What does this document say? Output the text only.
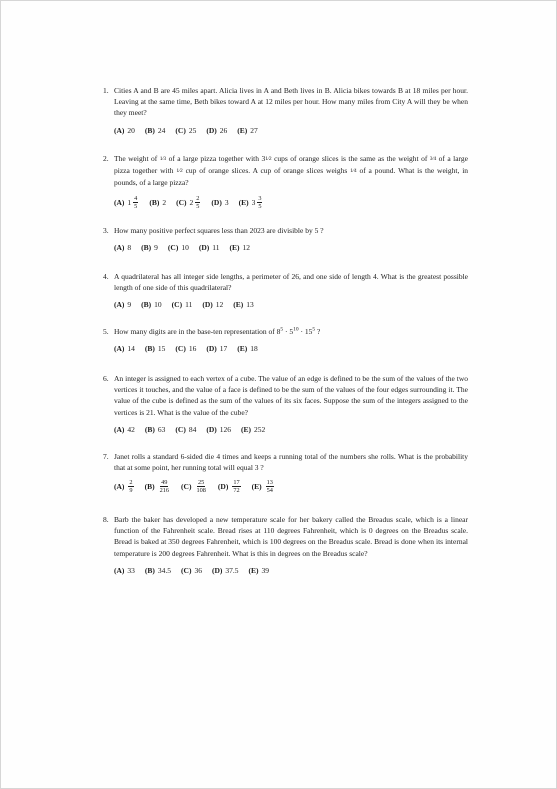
1. Cities A and B are 45 miles apart. Alicia lives in A and Beth lives in B. Alicia bikes towards B at 18 miles per hour. Leaving at the same time, Beth bikes toward A at 12 miles per hour. How many miles from City A will they be when they meet?
(A) 20 (B) 24 (C) 25 (D) 26 (E) 27
2. The weight of 1⁄3 of a large pizza together with 31⁄2 cups of orange slices is the same as the weight of 3⁄4 of a large pizza together with 1⁄2 cup of orange slices. A cup of orange slices weighs 1⁄4 of a pound. What is the weight, in pounds, of a large pizza?
(A) $1 \frac{4}{5} (B)$ 2 (C) $2 \frac{2}{5} (D)$ 3 (E) $3 \frac{3}{5}$
3. How many positive perfect squares less than 2023 are divisible by 5 ?
(A) 8 (B) 9 (C) 10 (D) 11 (E) 12
4. A quadrilateral has all integer side lengths, a perimeter of 26, and one side of length 4. What is the greatest possible length of one side of this quadrilateral?
(A) 9 (B) 10 (C) 11 (D) 12 (E) 13
5. How many digits are in the base-ten representation of $8^5 \cdot 5^{10} \cdot 15^5$ ?
(A) 14 (B) 15 (C) 16 (D) 17 (E) 18
6. An integer is assigned to each vertex of a cube. The value of an edge is defined to be the sum of the values of the two vertices it touches, and the value of a face is defined to be the sum of the values of the four edges surrounding it. The value of the cube is defined as the sum of the values of its six faces. Suppose the sum of the integers assigned to the vertices is 21. What is the value of the cube?
(A) 42 (B) 63 (C) 84 (D) 126 (E) 252
7. Janet rolls a standard 6-sided die 4 times and keeps a running total of the numbers she rolls. What is the probability that at some point, her running total will equal 3 ?
$(A) \frac{2}{9} (B) \frac{49}{216} (C) \frac{25}{108} (D) \frac{17}{72} (E) \frac{13}{54}$
8. Barb the baker has developed a new temperature scale for her bakery called the Breadus scale, which is a linear function of the Fahrenheit scale. Bread rises at 110 degrees Fahrenheit, which is 0 degrees on the Breadus scale. Bread is baked at 350 degrees Fahrenheit, which is 100 degrees on the Breadus scale. Bread is done when its internal temperature is 200 degrees Fahrenheit. What is this in degrees on the Breadus scale?
(A) 33 (B) 34.5 (C) 36 (D) 37.5 (E) 39
